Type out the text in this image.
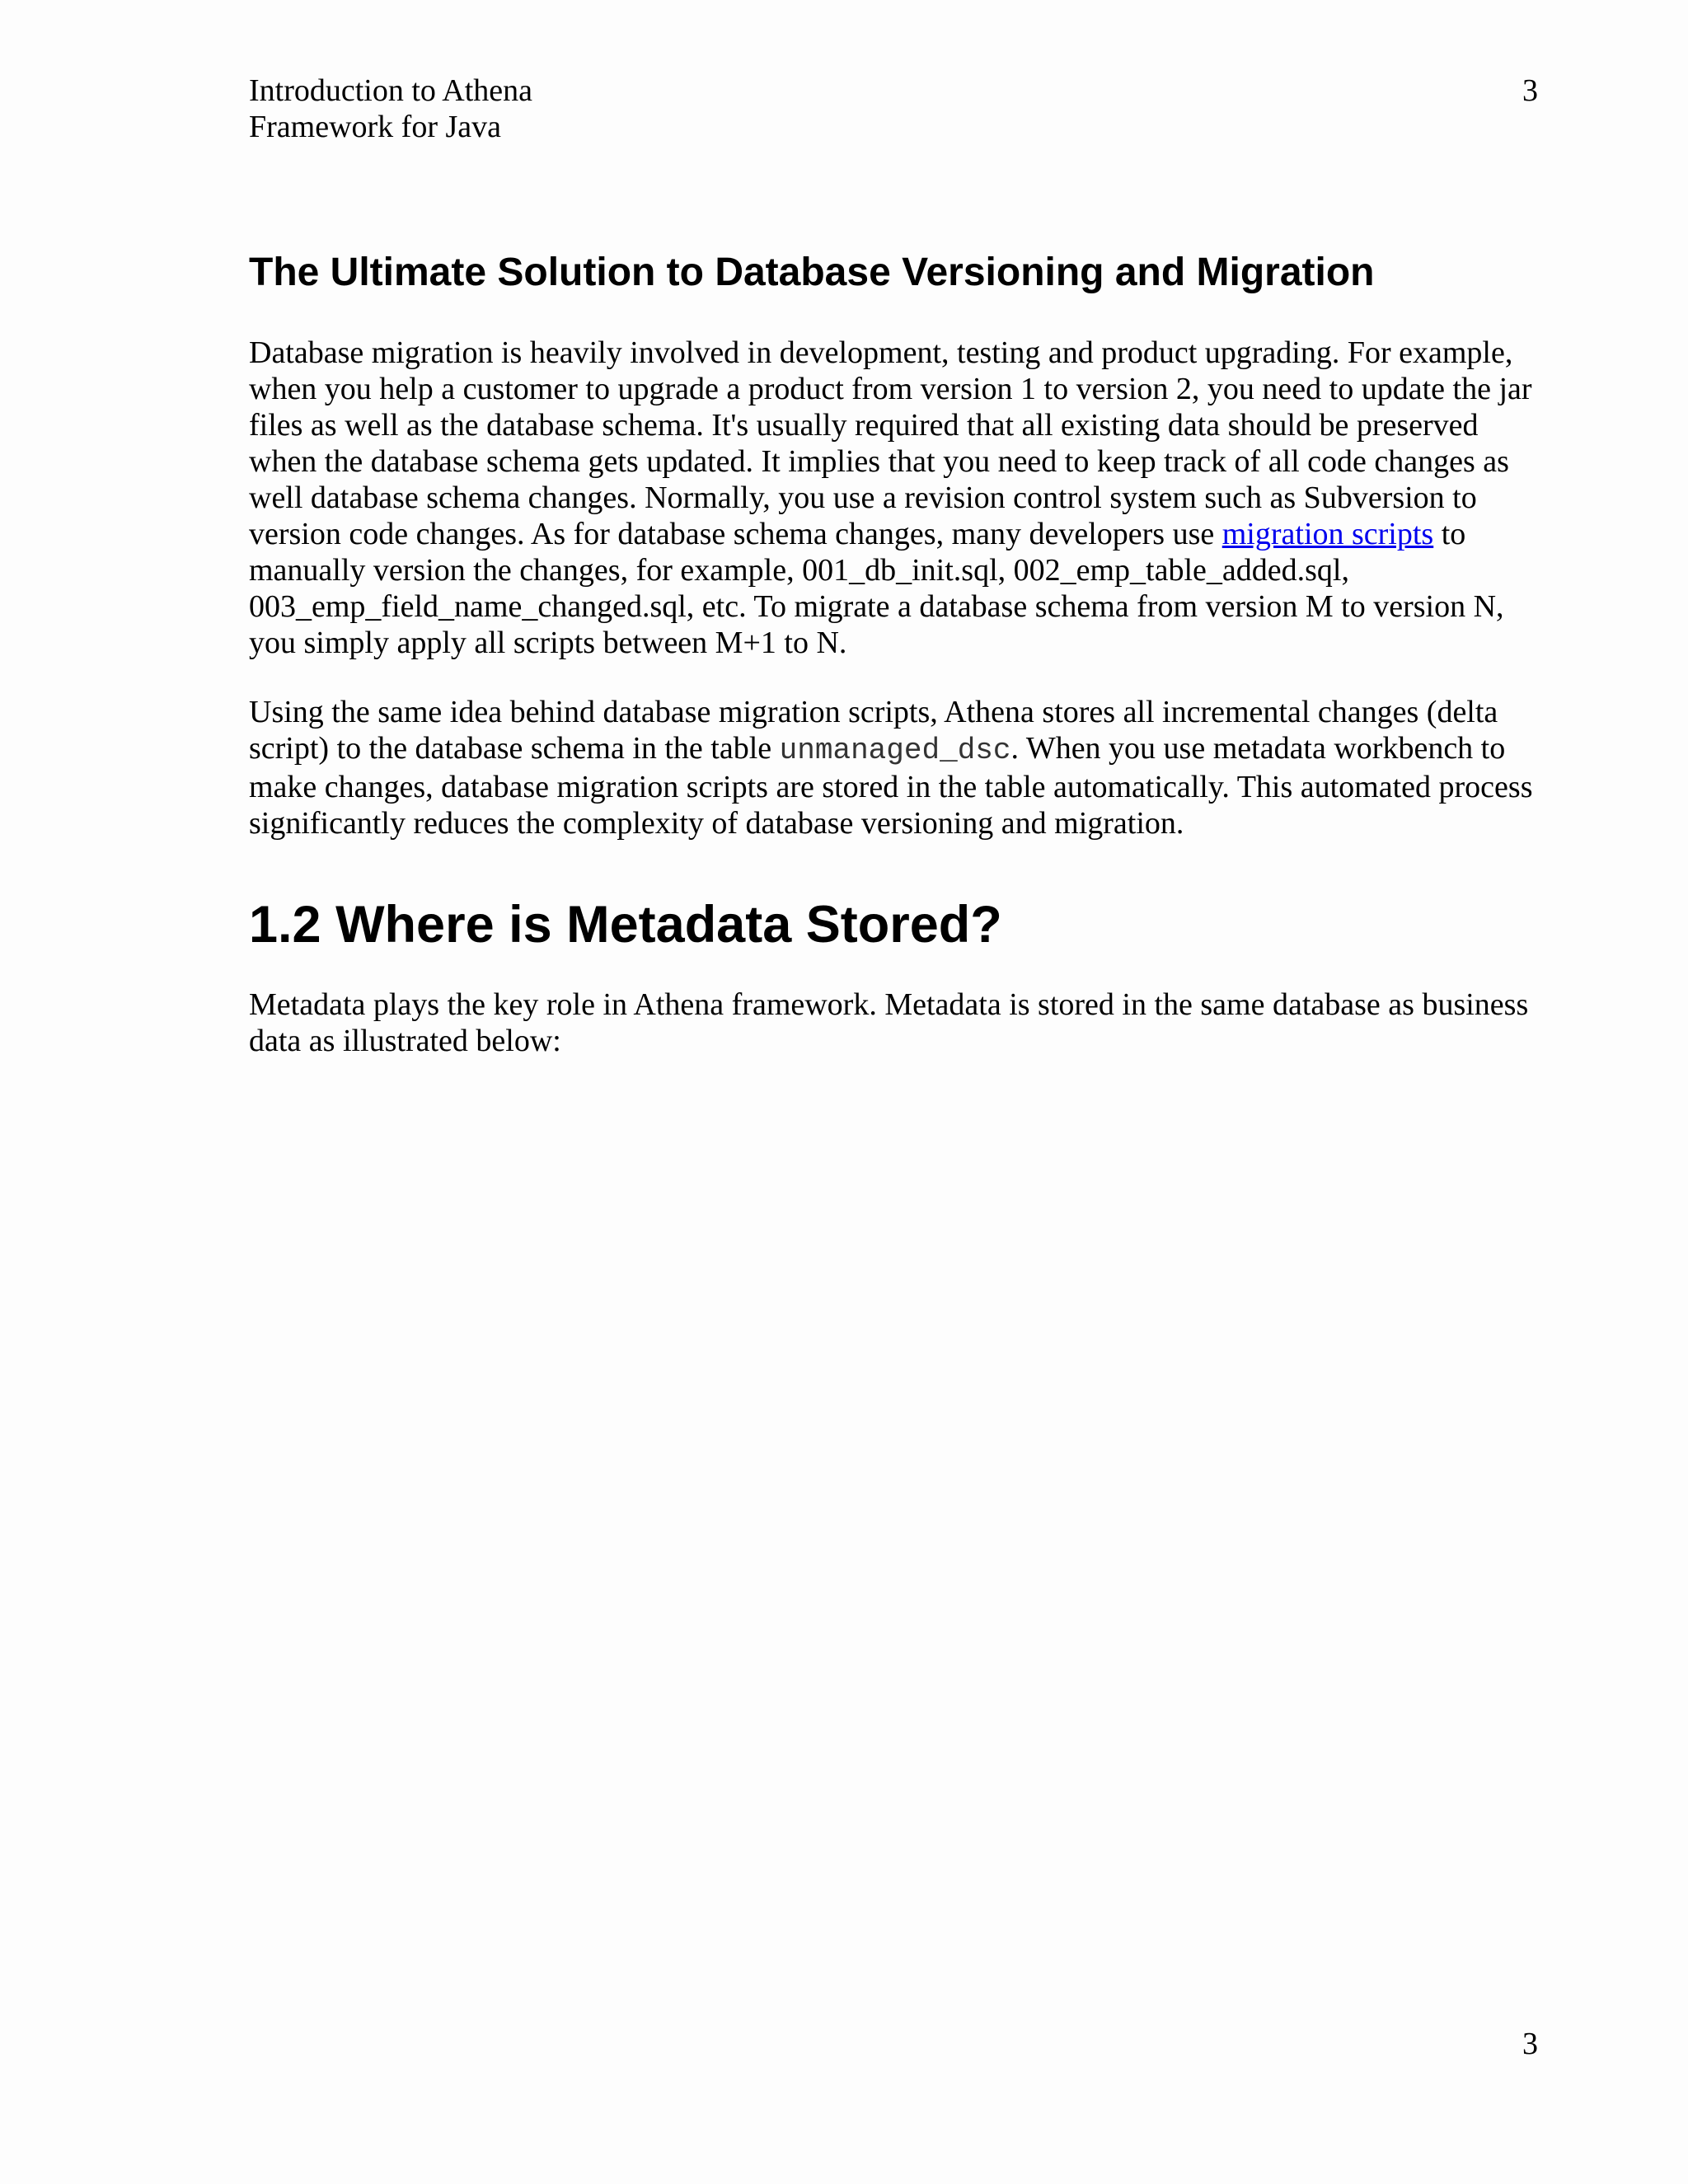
Introduction to Athena
Framework for Java
3
The Ultimate Solution to Database Versioning and Migration

Database migration is heavily involved in development, testing and product upgrading. For example, when you help a customer to upgrade a product from version 1 to version 2, you need to update the jar files as well as the database schema. It's usually required that all existing data should be preserved when the database schema gets updated. It implies that you need to keep track of all code changes as well database schema changes. Normally, you use a revision control system such as Subversion to version code changes. As for database schema changes, many developers use migration scripts to manually version the changes, for example, 001_db_init.sql, 002_emp_table_added.sql, 003_emp_field_name_changed.sql, etc. To migrate a database schema from version M to version N, you simply apply all scripts between M+1 to N.

Using the same idea behind database migration scripts, Athena stores all incremental changes (delta script) to the database schema in the table unmanaged_dsc. When you use metadata workbench to make changes, database migration scripts are stored in the table automatically. This automated process significantly reduces the complexity of database versioning and migration.

1.2 Where is Metadata Stored?

Metadata plays the key role in Athena framework. Metadata is stored in the same database as business data as illustrated below:

3
